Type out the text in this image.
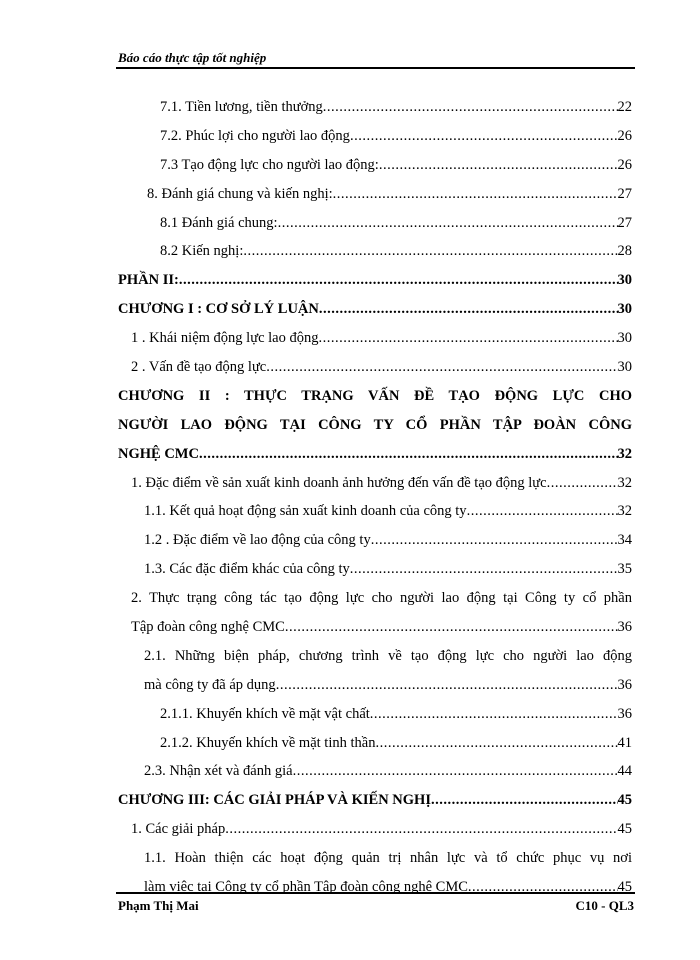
Báo cáo thực tập tốt nghiệp
7.1. Tiền lương, tiền thưởng .....	22
7.2. Phúc lợi cho người lao động .....	26
7.3 Tạo động lực cho người lao động: .....	26
8. Đánh giá chung và kiến nghị: .....	27
8.1 Đánh giá chung: .....	27
8.2 Kiến nghị: .....	28
PHẦN II: .....	30
CHƯƠNG I : CƠ SỞ LÝ LUẬN .....	30
1 . Khái niệm động lực lao động .....	30
2 . Vấn đề tạo động lực .....	30
CHƯƠNG II : THỰC TRẠNG VẤN ĐỀ TẠO ĐỘNG LỰC CHO
NGƯỜI LAO ĐỘNG TẠI CÔNG TY CỔ PHẦN TẬP ĐOÀN CÔNG
NGHỆ CMC .....	32
1. Đặc điểm về sản xuất kinh doanh ảnh hưởng đến vấn đề tạo động lực .....	32
1.1. Kết quả hoạt động sản xuất kinh doanh của công ty .....	32
1.2 . Đặc điểm về lao động của công ty .....	34
1.3. Các đặc điểm khác của công ty .....	35
2. Thực trạng công tác tạo động lực cho người lao động tại Công ty cổ phần
Tập đoàn công nghệ CMC .....	36
2.1. Những biện pháp, chương trình về tạo động lực cho người lao động
mà công ty đã áp dụng .....	36
2.1.1. Khuyến khích về mặt vật chất .....	36
2.1.2. Khuyến khích về mặt tinh thần .....	41
2.3. Nhận xét và đánh giá .....	44
CHƯƠNG III: CÁC GIẢI PHÁP VÀ KIẾN NGHỊ .....	45
1. Các giải pháp .....	45
1.1. Hoàn thiện các hoạt động quản trị nhân lực và tổ chức phục vụ nơi
làm việc tại Công ty cổ phần Tập đoàn công nghệ CMC .....	45
Phạm Thị Mai	C10 - QL3
